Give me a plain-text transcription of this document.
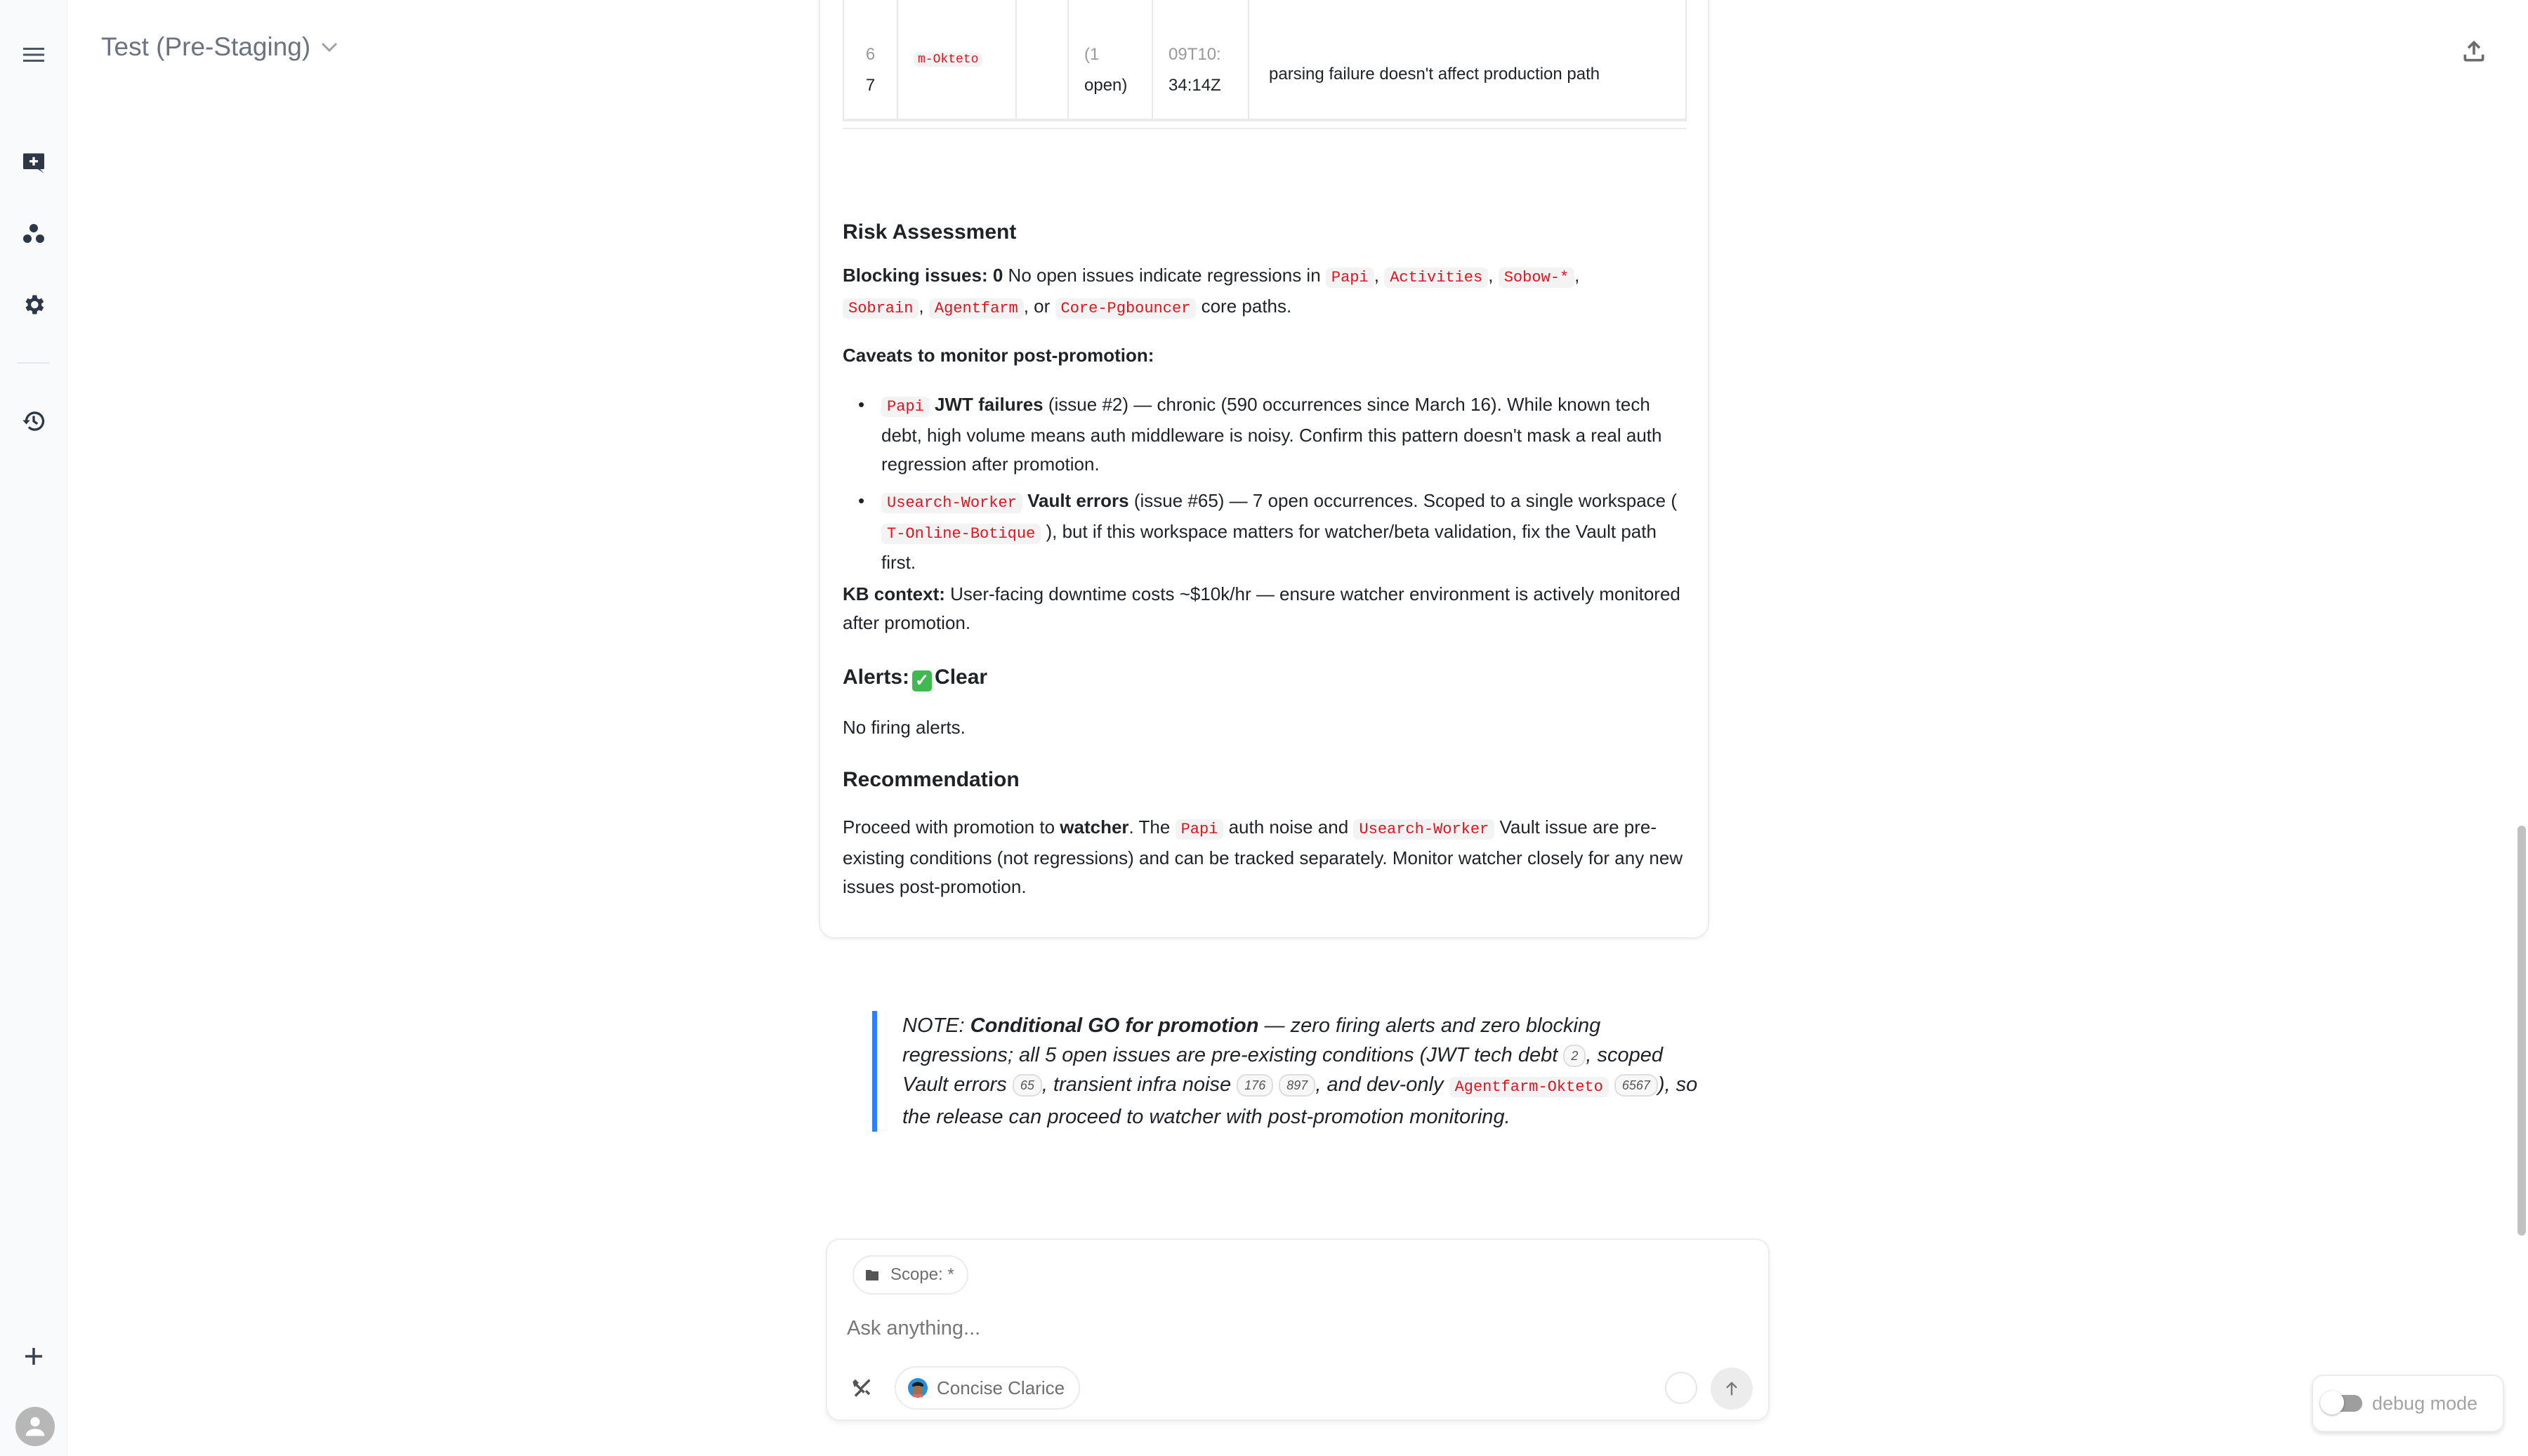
Test (Pre-Staging)	6
7
m-Okteto	(1
open)
09T10:
34:14Z
parsing failure doesn't affect production path
Risk Assessment
Blocking issues: 0 No open issues indicate regressions in Papi , Activities , Sobow-* ,
Sobrain , Agentfarm , or Core-Pgbouncer core paths.
Caveats to monitor post-promotion:
• Papi JWT failures (issue #2) — chronic (590 occurrences since March 16). While known tech debt, high volume means auth middleware is noisy. Confirm this pattern doesn't mask a real auth regression after promotion.
• Usearch-Worker Vault errors (issue #65) — 7 open occurrences. Scoped to a single workspace ( T-Online-Botique ), but if this workspace matters for watcher/beta validation, fix the Vault path first.
KB context: User-facing downtime costs ~$10k/hr — ensure watcher environment is actively monitored after promotion.
Alerts: ✓ Clear
No firing alerts.
Recommendation
Proceed with promotion to watcher. The Papi auth noise and Usearch-Worker Vault issue are pre-existing conditions (not regressions) and can be tracked separately. Monitor watcher closely for any new issues post-promotion.
NOTE: Conditional GO for promotion — zero firing alerts and zero blocking regressions; all 5 open issues are pre-existing conditions (JWT tech debt 2 , scoped Vault errors 65 , transient infra noise 176 897 , and dev-only Agentfarm-Okteto 6567 ), so the release can proceed to watcher with post-promotion monitoring.
Scope: *
Ask anything...
Concise Clarice
debug mode
